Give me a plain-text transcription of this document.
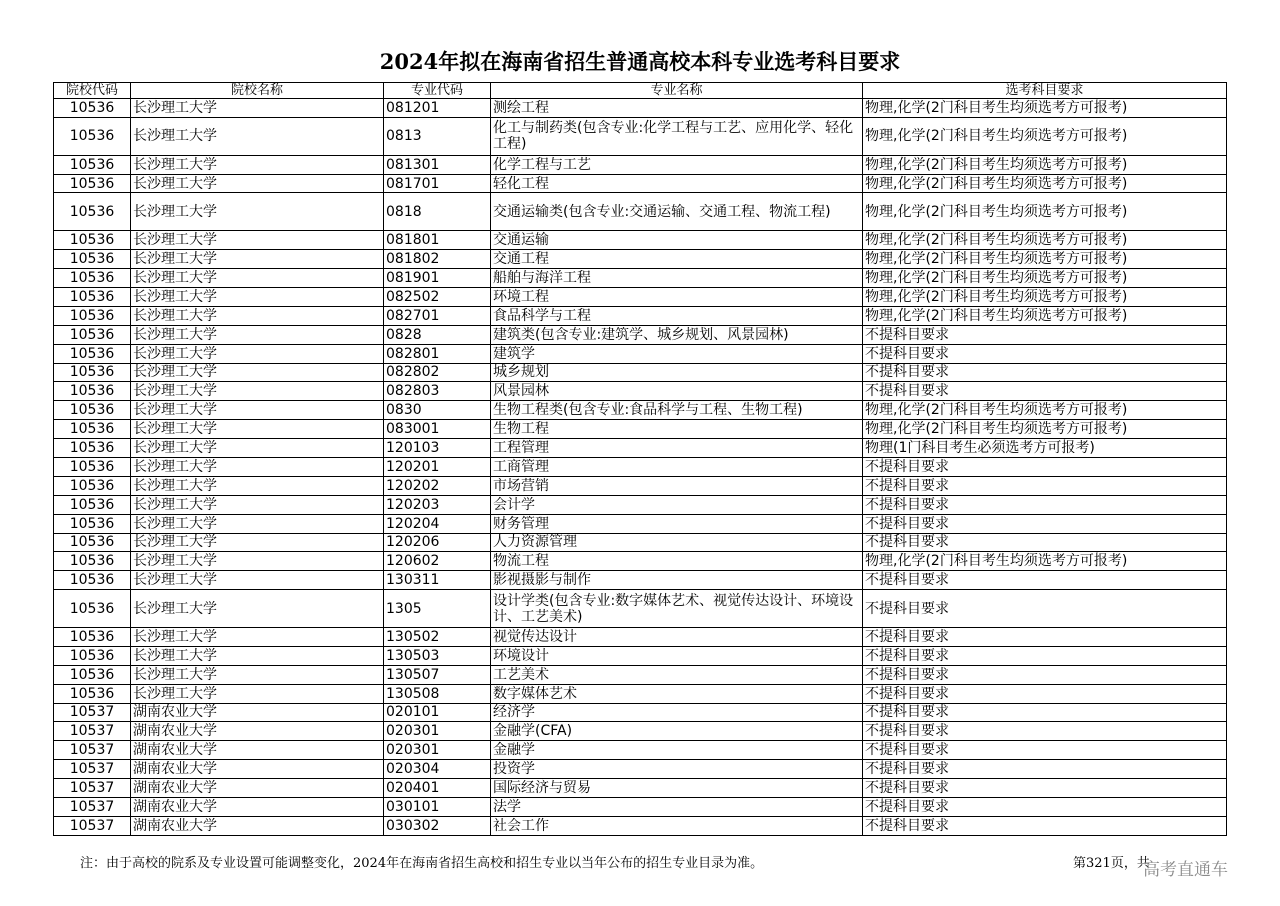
2024年拟在海南省招生普通高校本科专业选考科目要求
院校代码	院校名称	专业代码	专业名称	选考科目要求
10536	长沙理工大学	081201	测绘工程	物理,化学(2门科目考生均须选考方可报考)
10536	长沙理工大学	0813	化工与制药类(包含专业:化学工程与工艺、应用化学、轻化工程)	物理,化学(2门科目考生均须选考方可报考)
10536	长沙理工大学	081301	化学工程与工艺	物理,化学(2门科目考生均须选考方可报考)
10536	长沙理工大学	081701	轻化工程	物理,化学(2门科目考生均须选考方可报考)
10536	长沙理工大学	0818	交通运输类(包含专业:交通运输、交通工程、物流工程)	物理,化学(2门科目考生均须选考方可报考)
10536	长沙理工大学	081801	交通运输	物理,化学(2门科目考生均须选考方可报考)
10536	长沙理工大学	081802	交通工程	物理,化学(2门科目考生均须选考方可报考)
10536	长沙理工大学	081901	船舶与海洋工程	物理,化学(2门科目考生均须选考方可报考)
10536	长沙理工大学	082502	环境工程	物理,化学(2门科目考生均须选考方可报考)
10536	长沙理工大学	082701	食品科学与工程	物理,化学(2门科目考生均须选考方可报考)
10536	长沙理工大学	0828	建筑类(包含专业:建筑学、城乡规划、风景园林)	不提科目要求
10536	长沙理工大学	082801	建筑学	不提科目要求
10536	长沙理工大学	082802	城乡规划	不提科目要求
10536	长沙理工大学	082803	风景园林	不提科目要求
10536	长沙理工大学	0830	生物工程类(包含专业:食品科学与工程、生物工程)	物理,化学(2门科目考生均须选考方可报考)
10536	长沙理工大学	083001	生物工程	物理,化学(2门科目考生均须选考方可报考)
10536	长沙理工大学	120103	工程管理	物理(1门科目考生必须选考方可报考)
10536	长沙理工大学	120201	工商管理	不提科目要求
10536	长沙理工大学	120202	市场营销	不提科目要求
10536	长沙理工大学	120203	会计学	不提科目要求
10536	长沙理工大学	120204	财务管理	不提科目要求
10536	长沙理工大学	120206	人力资源管理	不提科目要求
10536	长沙理工大学	120602	物流工程	物理,化学(2门科目考生均须选考方可报考)
10536	长沙理工大学	130311	影视摄影与制作	不提科目要求
10536	长沙理工大学	1305	设计学类(包含专业:数字媒体艺术、视觉传达设计、环境设计、工艺美术)	不提科目要求
10536	长沙理工大学	130502	视觉传达设计	不提科目要求
10536	长沙理工大学	130503	环境设计	不提科目要求
10536	长沙理工大学	130507	工艺美术	不提科目要求
10536	长沙理工大学	130508	数字媒体艺术	不提科目要求
10537	湖南农业大学	020101	经济学	不提科目要求
10537	湖南农业大学	020301	金融学(CFA)	不提科目要求
10537	湖南农业大学	020301	金融学	不提科目要求
10537	湖南农业大学	020304	投资学	不提科目要求
10537	湖南农业大学	020401	国际经济与贸易	不提科目要求
10537	湖南农业大学	030101	法学	不提科目要求
10537	湖南农业大学	030302	社会工作	不提科目要求
注：由于高校的院系及专业设置可能调整变化，2024年在海南省招生高校和招生专业以当年公布的招生专业目录为准。	第321页，共
高考直通车
